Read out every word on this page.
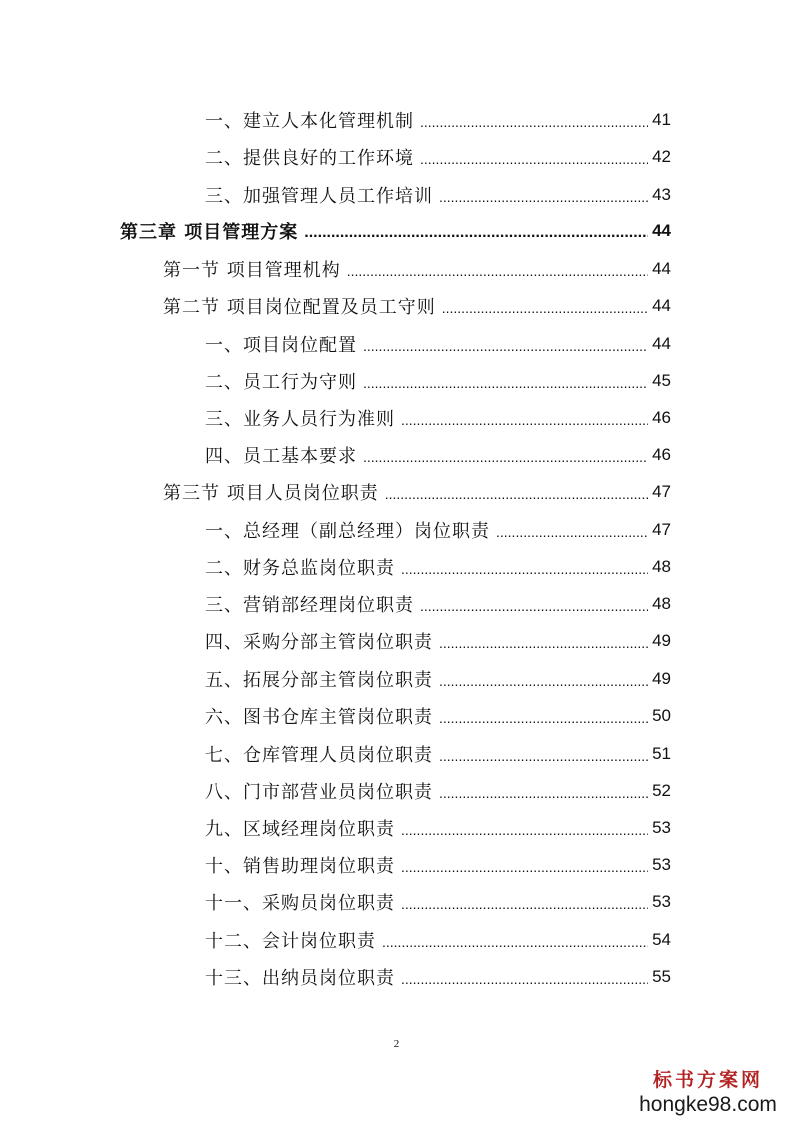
一、建立人本化管理机制 .....	41
二、提供良好的工作环境 .....	42
三、加强管理人员工作培训 .....	43
第三章 项目管理方案 .....	44
第一节 项目管理机构 .....	44
第二节 项目岗位配置及员工守则 .....	44
一、项目岗位配置 .....	44
二、员工行为守则 .....	45
三、业务人员行为准则 .....	46
四、员工基本要求 .....	46
第三节 项目人员岗位职责 .....	47
一、总经理（副总经理）岗位职责 .....	47
二、财务总监岗位职责 .....	48
三、营销部经理岗位职责 .....	48
四、采购分部主管岗位职责 .....	49
五、拓展分部主管岗位职责 .....	49
六、图书仓库主管岗位职责 .....	50
七、仓库管理人员岗位职责 .....	51
八、门市部营业员岗位职责 .....	52
九、区域经理岗位职责 .....	53
十、销售助理岗位职责 .....	53
十一、采购员岗位职责 .....	53
十二、会计岗位职责 .....	54
十三、出纳员岗位职责 .....	55
2
标书方案网
hongke98.com
